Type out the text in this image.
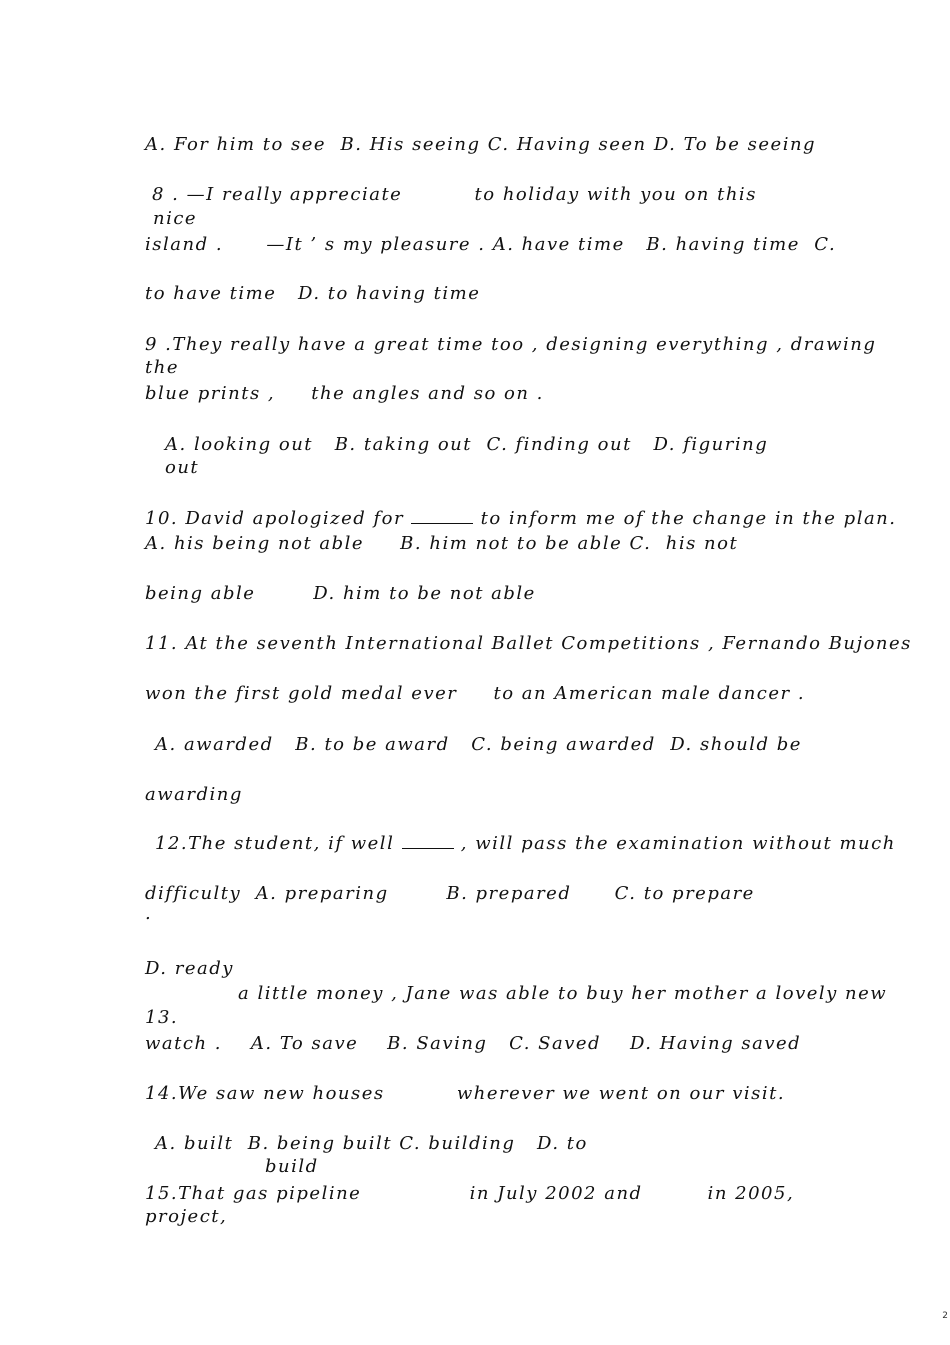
A. For him to see  B. His seeing C. Having seen D. To be seeing
8 . —I really appreciate          to holiday with you on this
nice
island .      —It ’ s my pleasure . A. have time   B. having time  C.
to have time   D. to having time
9 .They really have a great time too , designing everything , drawing
the
blue prints ,     the angles and so on .
A. looking out   B. taking out  C. finding out   D. figuring
out
10. David apologized for	to inform me of the change in the plan.
A. his being not able     B. him not to be able C.  his not
being able        D. him to be not able
11. At the seventh International Ballet Competitions , Fernando Bujones
won the first gold medal ever     to an American male dancer .
A. awarded   B. to be award   C. being awarded  D. should be
awarding
12.The student, if well	, will pass the examination without much
difficulty  A. preparing        B. prepared      C. to prepare
.
D. ready
a little money , Jane was able to buy her mother a lovely new
13.
watch .    A. To save    B. Saving   C. Saved    D. Having saved
14.We saw new houses          wherever we went on our visit.
A. built  B. being built C. building   D. to
build
15.That gas pipeline               in July 2002 and         in 2005,
project,
2
